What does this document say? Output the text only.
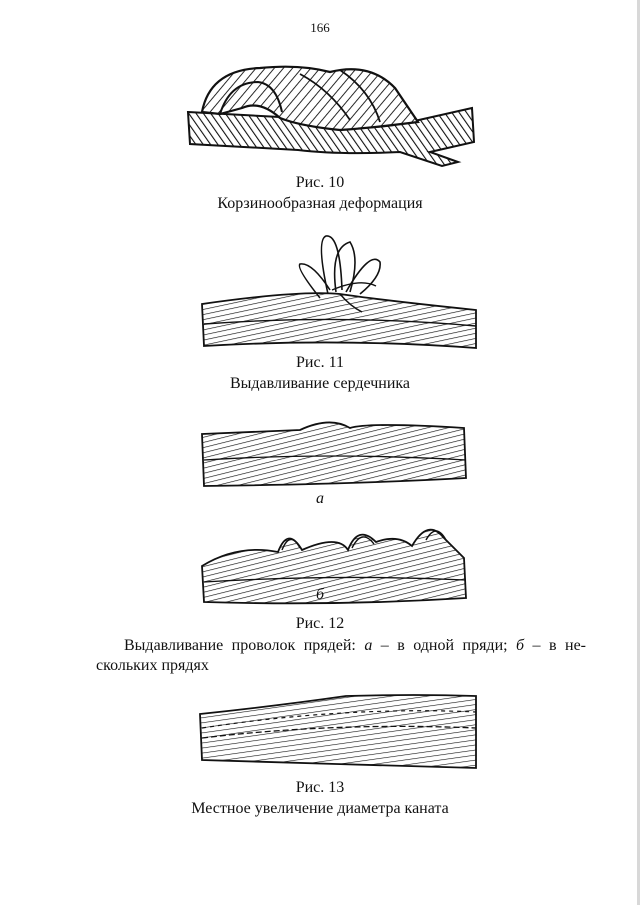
166
Рис. 10
Корзинообразная деформация
Рис. 11
Выдавливание сердечника
а
б
Рис. 12
Выдавливание проволок прядей: а – в одной пряди; б – в не-
скольких прядях
Рис. 13
Местное увеличение диаметра каната
